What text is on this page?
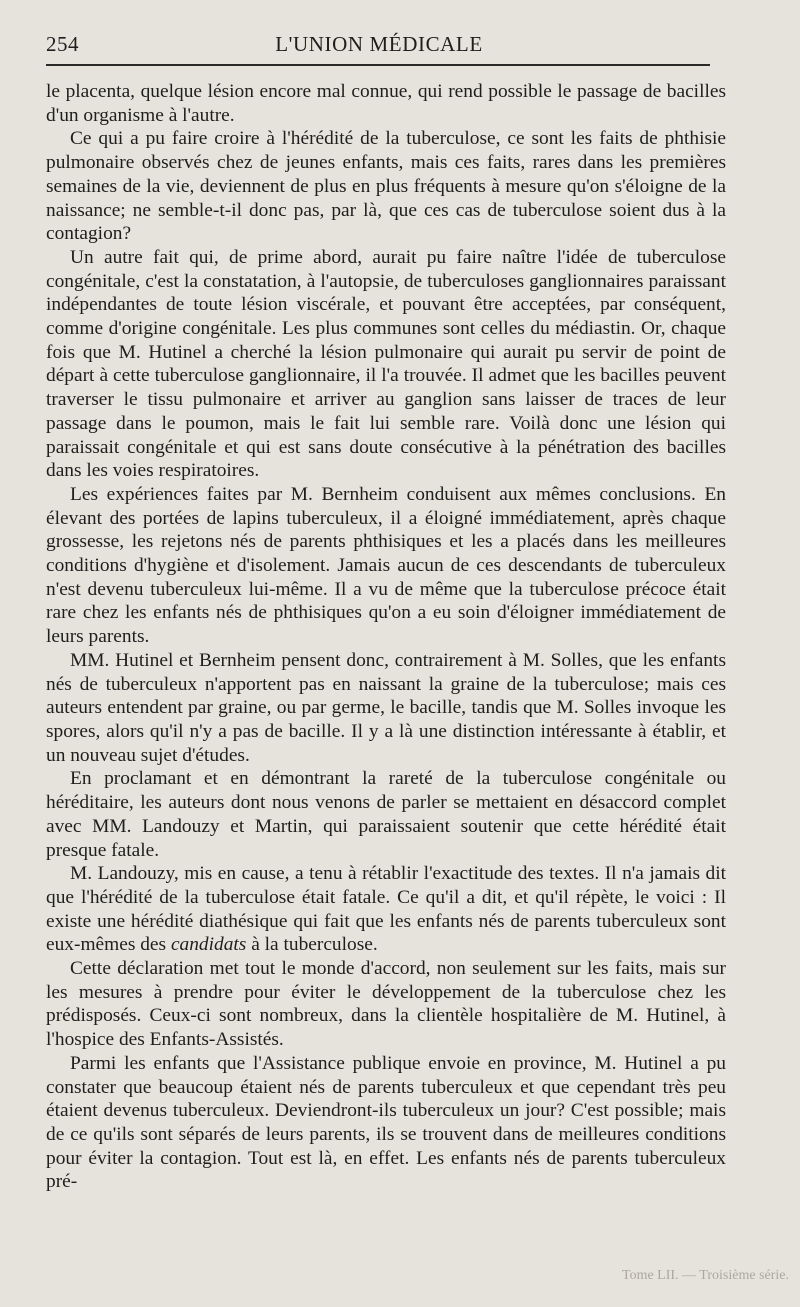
254	L'UNION MÉDICALE

le placenta, quelque lésion encore mal connue, qui rend possible le passage de bacilles d'un organisme à l'autre.

Ce qui a pu faire croire à l'hérédité de la tuberculose, ce sont les faits de phthisie pulmonaire observés chez de jeunes enfants, mais ces faits, rares dans les premières semaines de la vie, deviennent de plus en plus fréquents à mesure qu'on s'éloigne de la naissance; ne semble-t-il donc pas, par là, que ces cas de tuberculose soient dus à la contagion?

Un autre fait qui, de prime abord, aurait pu faire naître l'idée de tuberculose congénitale, c'est la constatation, à l'autopsie, de tuberculoses ganglionnaires paraissant indépendantes de toute lésion viscérale, et pouvant être acceptées, par conséquent, comme d'origine congénitale. Les plus communes sont celles du médiastin. Or, chaque fois que M. Hutinel a cherché la lésion pulmonaire qui aurait pu servir de point de départ à cette tuberculose ganglionnaire, il l'a trouvée. Il admet que les bacilles peuvent traverser le tissu pulmonaire et arriver au ganglion sans laisser de traces de leur passage dans le poumon, mais le fait lui semble rare. Voilà donc une lésion qui paraissait congénitale et qui est sans doute consécutive à la pénétration des bacilles dans les voies respiratoires.

Les expériences faites par M. Bernheim conduisent aux mêmes conclusions. En élevant des portées de lapins tuberculeux, il a éloigné immédiatement, après chaque grossesse, les rejetons nés de parents phthisiques et les a placés dans les meilleures conditions d'hygiène et d'isolement. Jamais aucun de ces descendants de tuberculeux n'est devenu tuberculeux lui-même. Il a vu de même que la tuberculose précoce était rare chez les enfants nés de phthisiques qu'on a eu soin d'éloigner immédiatement de leurs parents.

MM. Hutinel et Bernheim pensent donc, contrairement à M. Solles, que les enfants nés de tuberculeux n'apportent pas en naissant la graine de la tuberculose; mais ces auteurs entendent par graine, ou par germe, le bacille, tandis que M. Solles invoque les spores, alors qu'il n'y a pas de bacille. Il y a là une distinction intéressante à établir, et un nouveau sujet d'études.

En proclamant et en démontrant la rareté de la tuberculose congénitale ou héréditaire, les auteurs dont nous venons de parler se mettaient en désaccord complet avec MM. Landouzy et Martin, qui paraissaient soutenir que cette hérédité était presque fatale.

M. Landouzy, mis en cause, a tenu à rétablir l'exactitude des textes. Il n'a jamais dit que l'hérédité de la tuberculose était fatale. Ce qu'il a dit, et qu'il répète, le voici : Il existe une hérédité diathésique qui fait que les enfants nés de parents tuberculeux sont eux-mêmes des candidats à la tuberculose.

Cette déclaration met tout le monde d'accord, non seulement sur les faits, mais sur les mesures à prendre pour éviter le développement de la tuberculose chez les prédisposés. Ceux-ci sont nombreux, dans la clientèle hospitalière de M. Hutinel, à l'hospice des Enfants-Assistés.

Parmi les enfants que l'Assistance publique envoie en province, M. Hutinel a pu constater que beaucoup étaient nés de parents tuberculeux et que cependant très peu étaient devenus tuberculeux. Deviendront-ils tuberculeux un jour? C'est possible; mais de ce qu'ils sont séparés de leurs parents, ils se trouvent dans de meilleures conditions pour éviter la contagion. Tout est là, en effet. Les enfants nés de parents tuberculeux pré-

Tome LII. — Troisième série.
